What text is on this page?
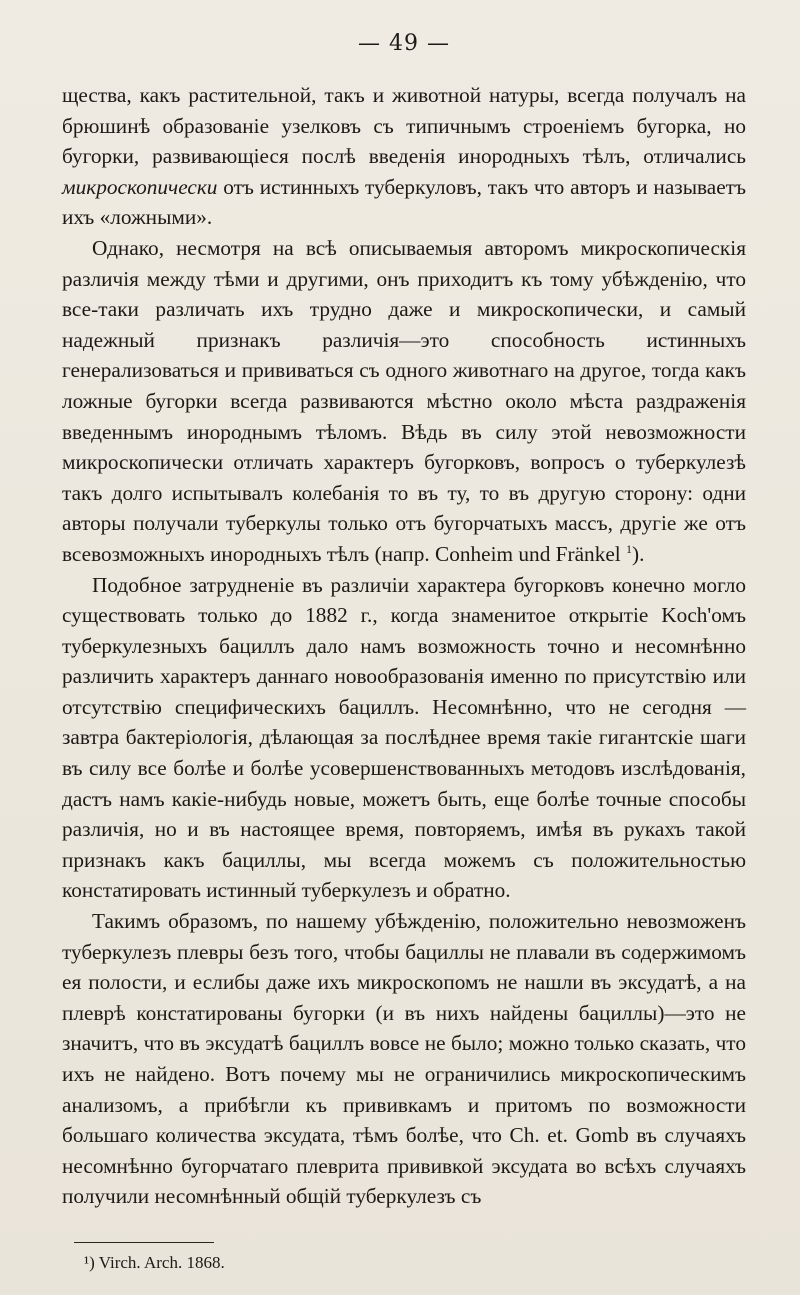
— 49 —

щества, какъ растительной, такъ и животной натуры, всегда получалъ на брюшинѣ образованіе узелковъ съ типичнымъ строеніемъ бугорка, но бугорки, развивающіеся послѣ введенія инородныхъ тѣлъ, отличались микроскопически отъ истинныхъ туберкуловъ, такъ что авторъ и называетъ ихъ «ложными».

Однако, несмотря на всѣ описываемыя авторомъ микроскопическія различія между тѣми и другими, онъ приходитъ къ тому убѣжденію, что все-таки различать ихъ трудно даже и микроскопически, и самый надежный признакъ различія—это способность истинныхъ генерализоваться и прививаться съ одного животнаго на другое, тогда какъ ложные бугорки всегда развиваются мѣстно около мѣста раздраженія введеннымъ инороднымъ тѣломъ. Вѣдь въ силу этой невозможности микроскопически отличать характеръ бугорковъ, вопросъ о туберкулезѣ такъ долго испытывалъ колебанія то въ ту, то въ другую сторону: одни авторы получали туберкулы только отъ бугорчатыхъ массъ, другіе же отъ всевозможныхъ инородныхъ тѣлъ (напр. Conheim und Fränkel $^1$).

Подобное затрудненіе въ различіи характера бугорковъ конечно могло существовать только до 1882 г., когда знаменитое открытіе Koch'омъ туберкулезныхъ бациллъ дало намъ возможность точно и несомнѣнно различить характеръ даннаго новообразованія именно по присутствію или отсутствію специфическихъ бациллъ. Несомнѣнно, что не сегодня — завтра бактеріологія, дѣлающая за послѣднее время такіе гигантскіе шаги въ силу все болѣе и болѣе усовершенствованныхъ методовъ изслѣдованія, дастъ намъ какіе-нибудь новые, можетъ быть, еще болѣе точные способы различія, но и въ настоящее время, повторяемъ, имѣя въ рукахъ такой признакъ какъ бациллы, мы всегда можемъ съ положительностью констатировать истинный туберкулезъ и обратно.

Такимъ образомъ, по нашему убѣжденію, положительно невозможенъ туберкулезъ плевры безъ того, чтобы бациллы не плавали въ содержимомъ ея полости, и еслибы даже ихъ микроскопомъ не нашли въ эксудатѣ, а на плеврѣ констатированы бугорки (и въ нихъ найдены бациллы)—это не значитъ, что въ эксудатѣ бациллъ вовсе не было; можно только сказать, что ихъ не найдено. Вотъ почему мы не ограничились микроскопическимъ анализомъ, а прибѣгли къ прививкамъ и притомъ по возможности большаго количества эксудата, тѣмъ болѣе, что Ch. et. Gomb въ случаяхъ несомнѣнно бугорчатаго плеврита прививкой эксудата во всѣхъ случаяхъ получили несомнѣнный общій туберкулезъ съ

¹) Virch. Arch. 1868.
